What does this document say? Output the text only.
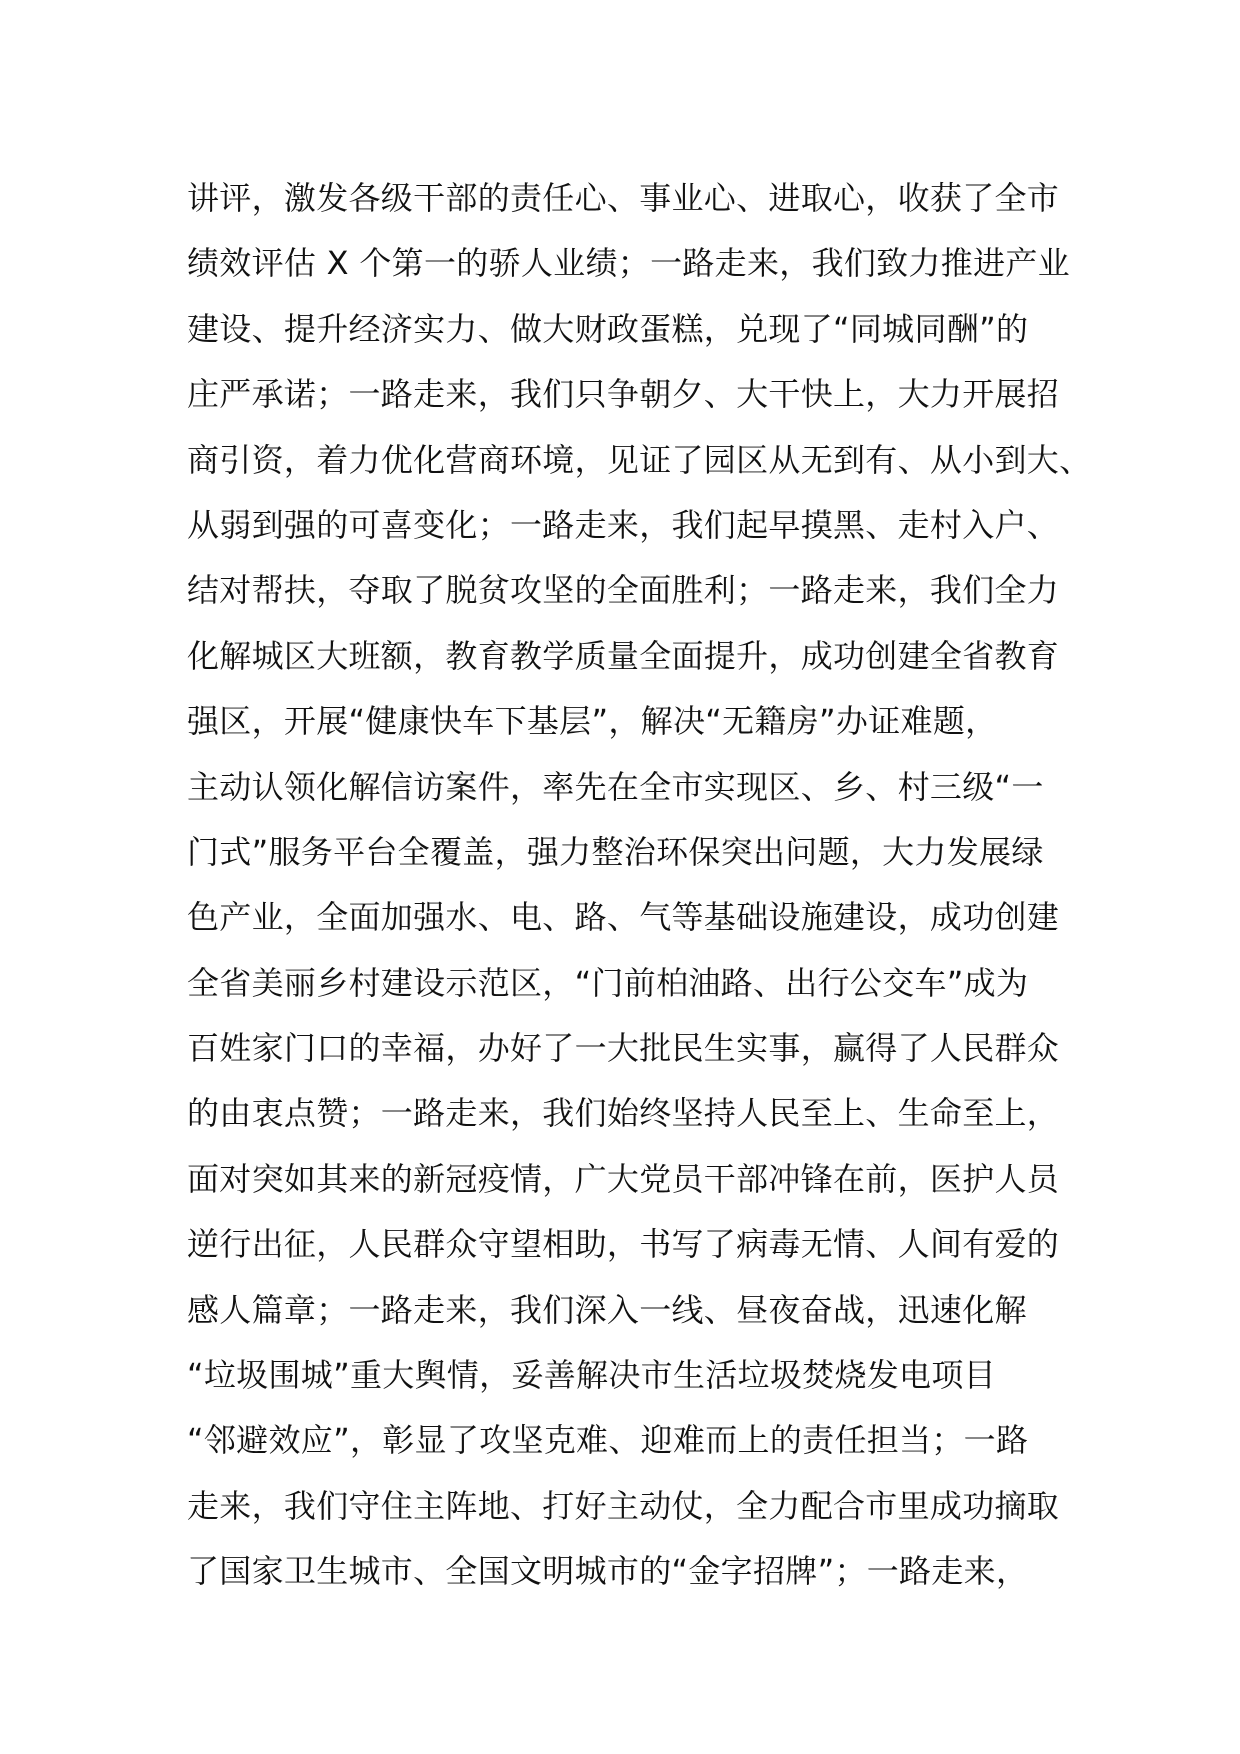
讲评，激发各级干部的责任心、事业心、进取心，收获了全市
绩效评估 X 个第一的骄人业绩；一路走来，我们致力推进产业
建设、提升经济实力、做大财政蛋糕，兑现了“同城同酬”的
庄严承诺；一路走来，我们只争朝夕、大干快上，大力开展招
商引资，着力优化营商环境，见证了园区从无到有、从小到大、
从弱到强的可喜变化；一路走来，我们起早摸黑、走村入户、
结对帮扶，夺取了脱贫攻坚的全面胜利；一路走来，我们全力
化解城区大班额，教育教学质量全面提升，成功创建全省教育
强区，开展“健康快车下基层”，解决“无籍房”办证难题，
主动认领化解信访案件，率先在全市实现区、乡、村三级“一
门式”服务平台全覆盖，强力整治环保突出问题，大力发展绿
色产业，全面加强水、电、路、气等基础设施建设，成功创建
全省美丽乡村建设示范区，“门前柏油路、出行公交车”成为
百姓家门口的幸福，办好了一大批民生实事，赢得了人民群众
的由衷点赞；一路走来，我们始终坚持人民至上、生命至上，
面对突如其来的新冠疫情，广大党员干部冲锋在前，医护人员
逆行出征，人民群众守望相助，书写了病毒无情、人间有爱的
感人篇章；一路走来，我们深入一线、昼夜奋战，迅速化解
“垃圾围城”重大舆情，妥善解决市生活垃圾焚烧发电项目
“邻避效应”，彰显了攻坚克难、迎难而上的责任担当；一路
走来，我们守住主阵地、打好主动仗，全力配合市里成功摘取
了国家卫生城市、全国文明城市的“金字招牌”；一路走来，
